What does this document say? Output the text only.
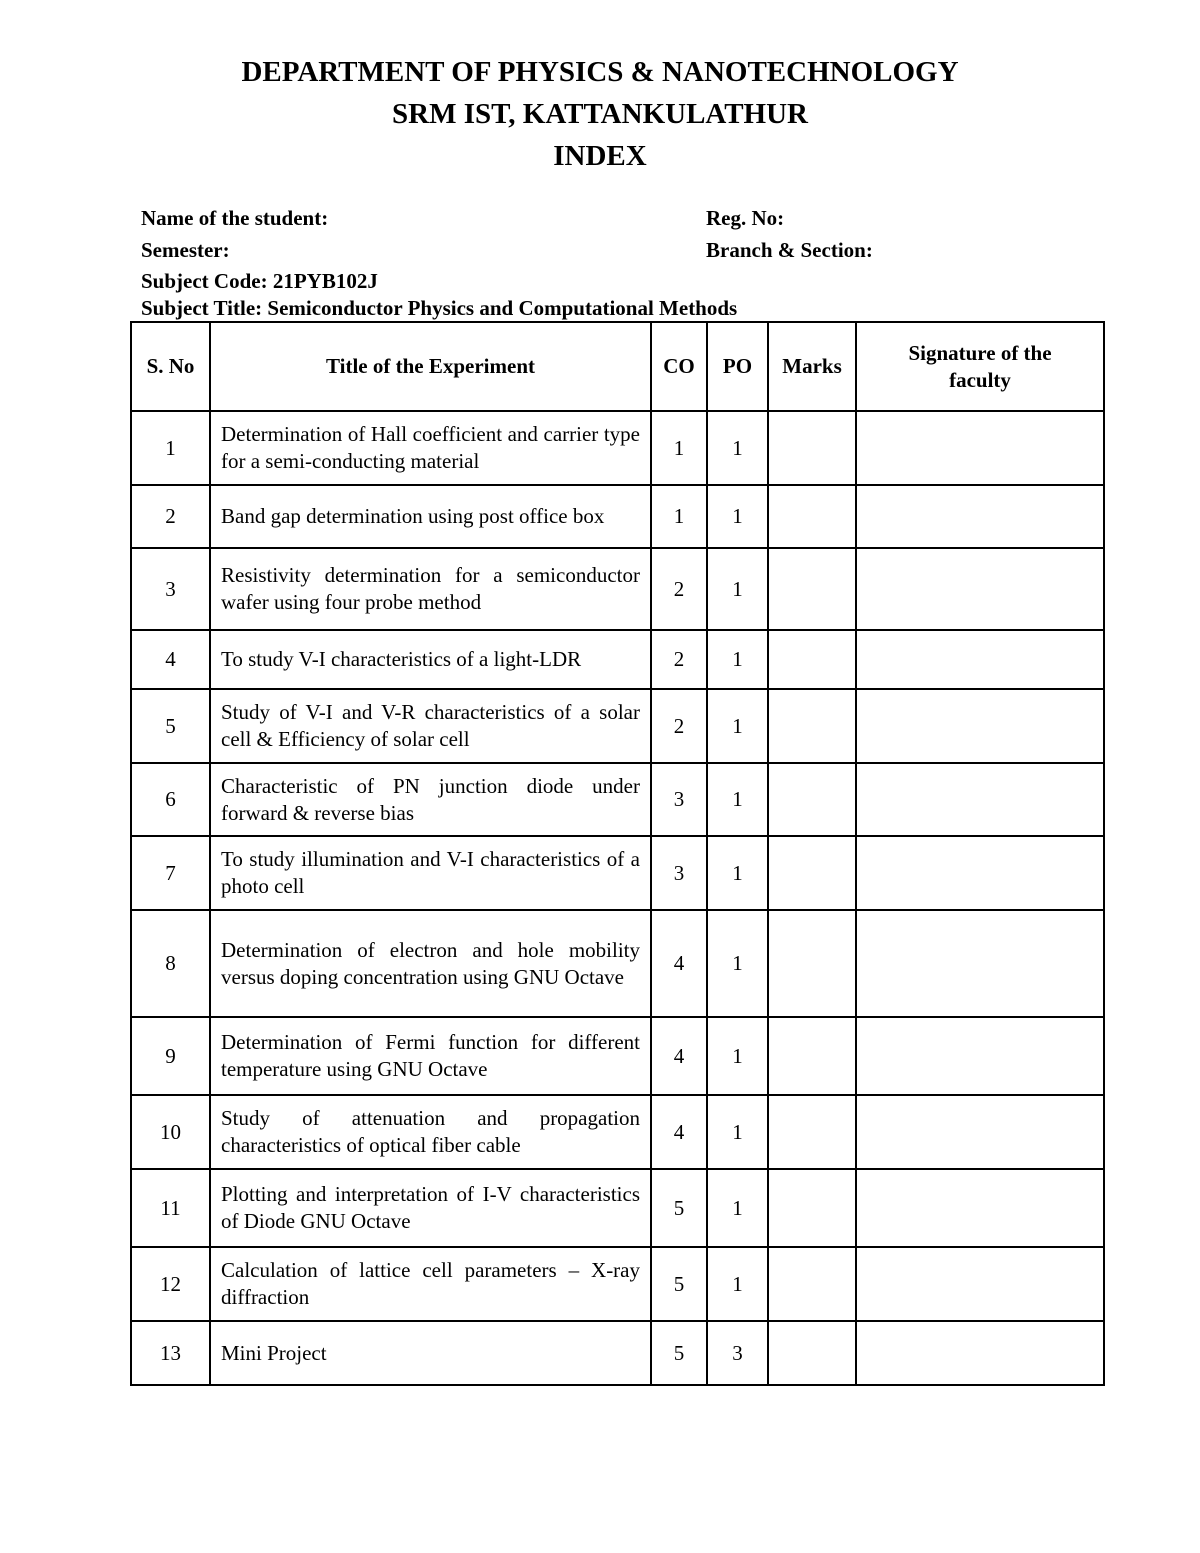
DEPARTMENT OF PHYSICS & NANOTECHNOLOGY
SRM IST, KATTANKULATHUR
INDEX
Name of the student:	Reg. No:
Semester:	Branch & Section:
Subject Code: 21PYB102J
Subject Title: Semiconductor Physics and Computational Methods
S. No	Title of the Experiment	CO	PO	Marks	Signature of the faculty
1	Determination of Hall coefficient and carrier type for a semi-conducting material	1	1		
2	Band gap determination using post office box	1	1		
3	Resistivity determination for a semiconductor wafer using four probe method	2	1		
4	To study V-I characteristics of a light-LDR	2	1		
5	Study of V-I and V-R characteristics of a solar cell & Efficiency of solar cell	2	1		
6	Characteristic of PN junction diode under forward & reverse bias	3	1		
7	To study illumination and V-I characteristics of a photo cell	3	1		
8	Determination of electron and hole mobility versus doping concentration using GNU Octave	4	1		
9	Determination of Fermi function for different temperature using GNU Octave	4	1		
10	Study of attenuation and propagation characteristics of optical fiber cable	4	1		
11	Plotting and interpretation of I-V characteristics of Diode GNU Octave	5	1		
12	Calculation of lattice cell parameters – X-ray diffraction	5	1		
13	Mini Project	5	3		
